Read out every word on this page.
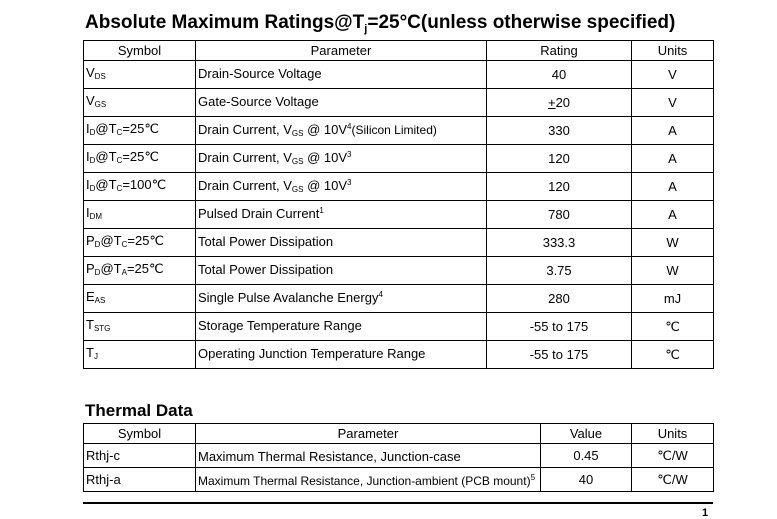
Absolute Maximum $Ratings@T_j=25^\circ C(unless$ otherwise specified)
Symbol	Parameter	Rating	Units
$V_{DS}$	Drain-Source Voltage	40	V
$V_{GS}$	Gate-Source Voltage	+20	V
$I_D@T_C=25℃$	Drain Current, $V_{GS}$ @ $10V^4(Silicon$ Limited)	330	A
$I_D@T_C=25℃$	Drain Current, $V_{GS}$ @ $10V^3$	120	A
$I_D@T_C=100℃$	Drain Current, $V_{GS}$ @ $10V^3$	120	A
$I_{DM}$	Pulsed Drain Current$^1$	780	A
$P_D@T_C=25℃$	Total Power Dissipation	333.3	W
$P_D@T_A=25℃$	Total Power Dissipation	3.75	W
$E_{AS}$	Single Pulse Avalanche Energy$^4$	280	mJ
$T_{STG}$	Storage Temperature Range	-55 to 175	℃
$T_J$	Operating Junction Temperature Range	-55 to 175	℃
Thermal Data
Symbol	Parameter	Value	Units
Rthj-c	Maximum Thermal Resistance, Junction-case	0.45	℃/W
Rthj-a	Maximum Thermal Resistance, Junction-ambient (PCB mount)$^5$	40	℃/W
1
